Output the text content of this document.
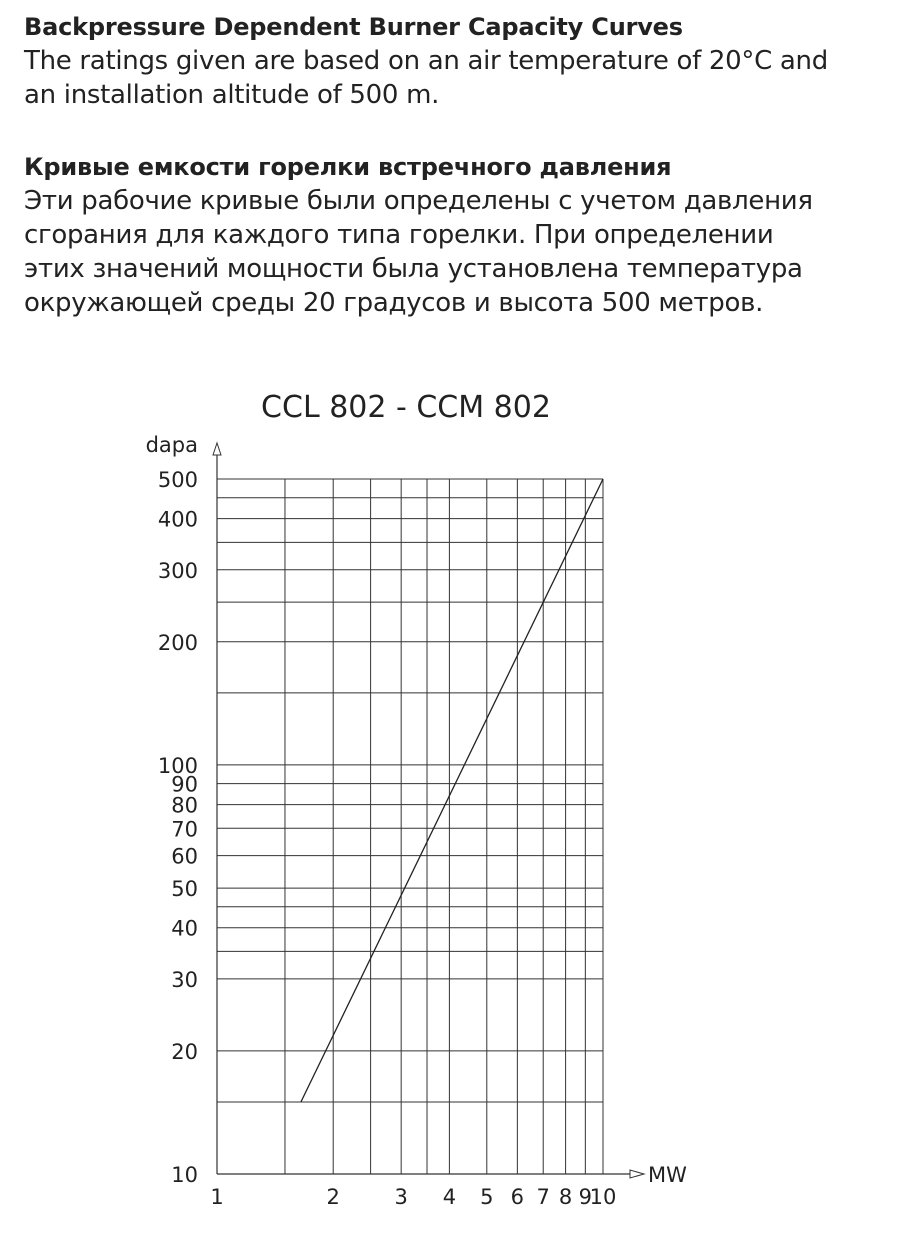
Backpressure Dependent Burner Capacity Curves

The ratings given are based on an air temperature of 20°C and

an installation altitude of 500 m.

Кривые емкости горелки встречного давления

Эти рабочие кривые были определены с учетом давления

сгорания для каждого типа горелки. При определении

этих значений мощности была установлена температура

окружающей среды 20 градусов и высота 500 метров.

CCL 802 - CCM 802
dapa
MW
10
20
30
40
50
60
70
80
90
100
200
300
400
500
1	2	3 4 5 6 7 8 9
10
